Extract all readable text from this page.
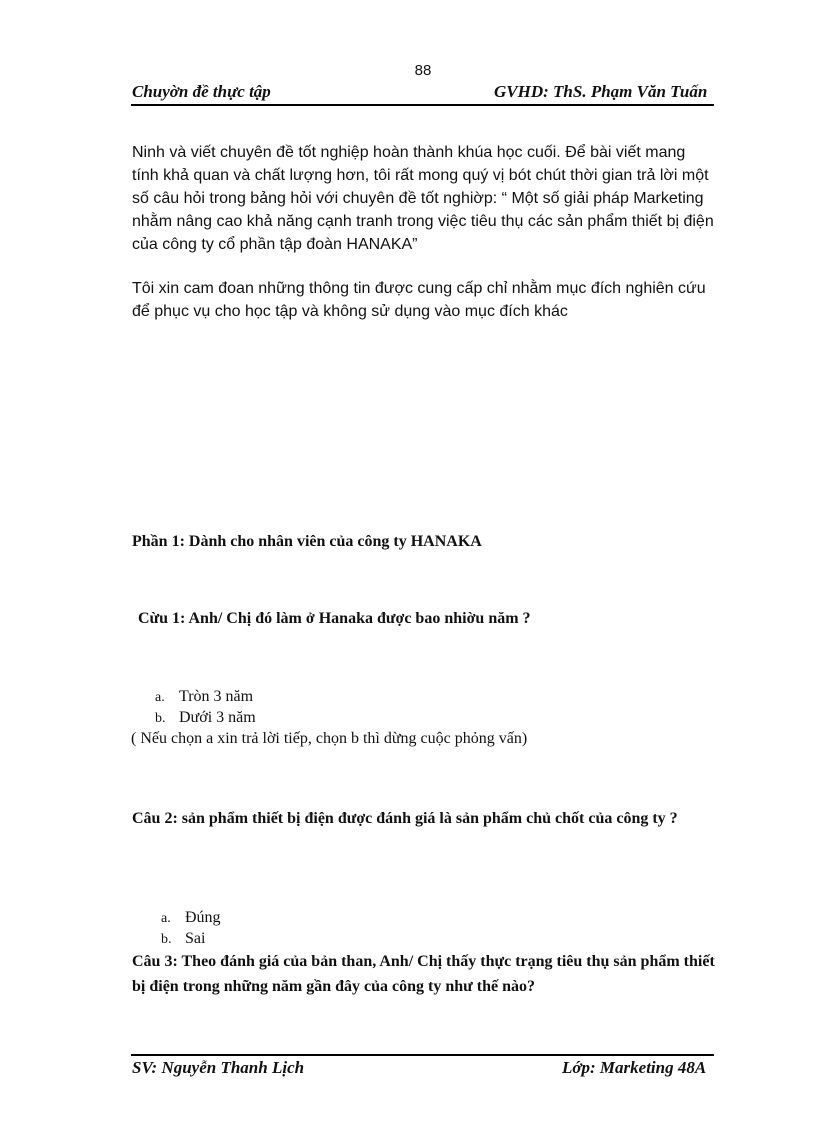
88
Chuyờn đề thực tập	GVHD: ThS. Phạm Văn Tuấn
Ninh và viết chuyên đề tốt nghiệp hoàn thành khúa học cuối. Để bài viết mang tính khả quan và chất lượng hơn, tôi rất mong quý vị bót chút thời gian trả lời một số câu hỏi trong bảng hỏi với chuyên đề tốt nghiờp: “ Một số giải pháp Marketing nhằm nâng cao khả năng cạnh tranh trong việc tiêu thụ các sản phẩm thiết bị điện của công ty cổ phần tập đoàn HANAKA”
Tôi xin cam đoan những thông tin được cung cấp chỉ nhằm mục đích nghiên cứu để phục vụ cho học tập và không sử dụng vào mục đích khác
Phần 1: Dành cho nhân viên của công ty HANAKA
Cừu 1: Anh/ Chị đó làm ở Hanaka được bao nhiờu năm ?
a. Tròn 3 năm
b. Dưới 3 năm
( Nếu chọn a xin trả lời tiếp, chọn b thì dừng cuộc phỏng vấn)
Câu 2: sản phẩm thiết bị điện được đánh giá là sản phẩm chủ chốt của công ty ?
a. Đúng
b. Sai
Câu 3: Theo đánh giá của bản than, Anh/ Chị thấy thực trạng tiêu thụ sản phẩm thiết bị điện trong những năm gần đây của công ty như thế nào?
SV: Nguyễn Thanh Lịch	Lớp: Marketing 48A
